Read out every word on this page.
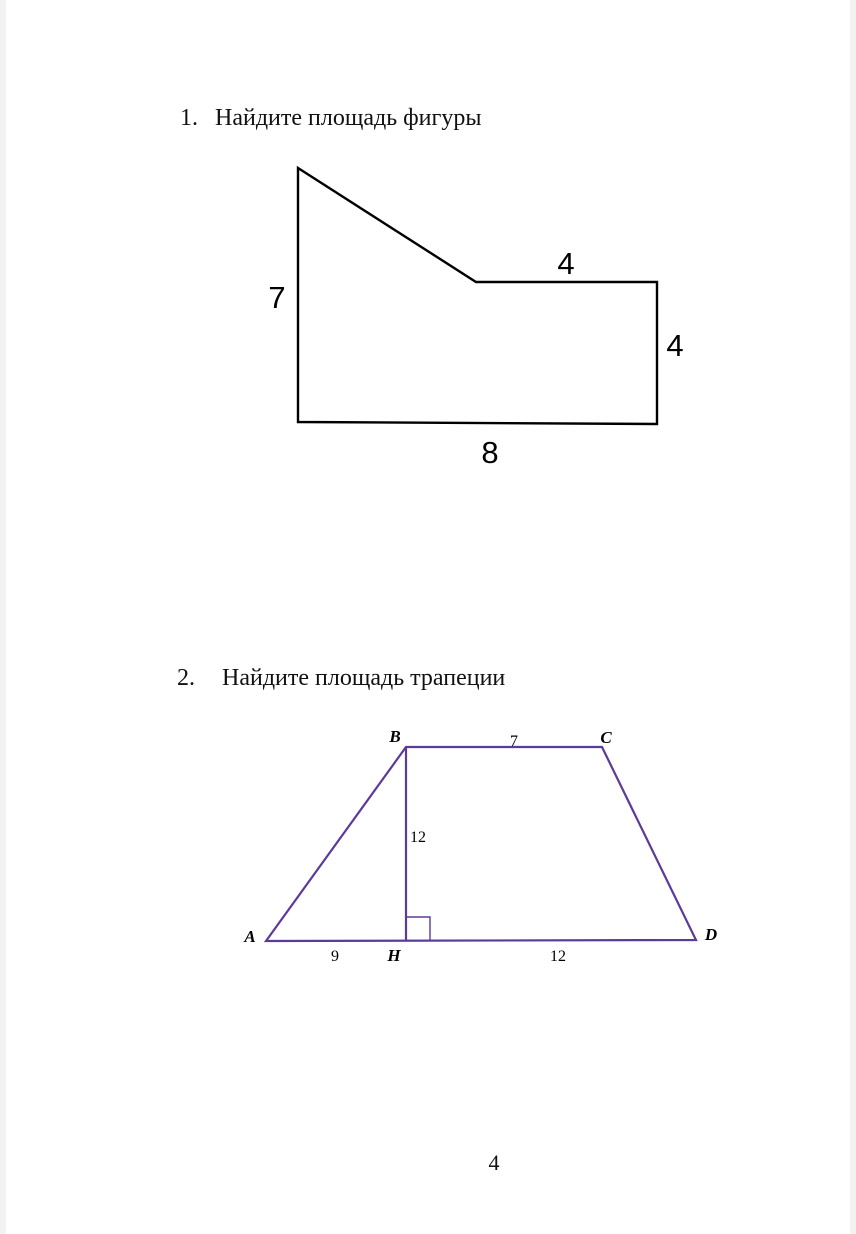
1. Найдите площадь фигуры
7
4
4
8
B	C
A	D
H
7
12
9	12
2. Найдите площадь трапеции
4
